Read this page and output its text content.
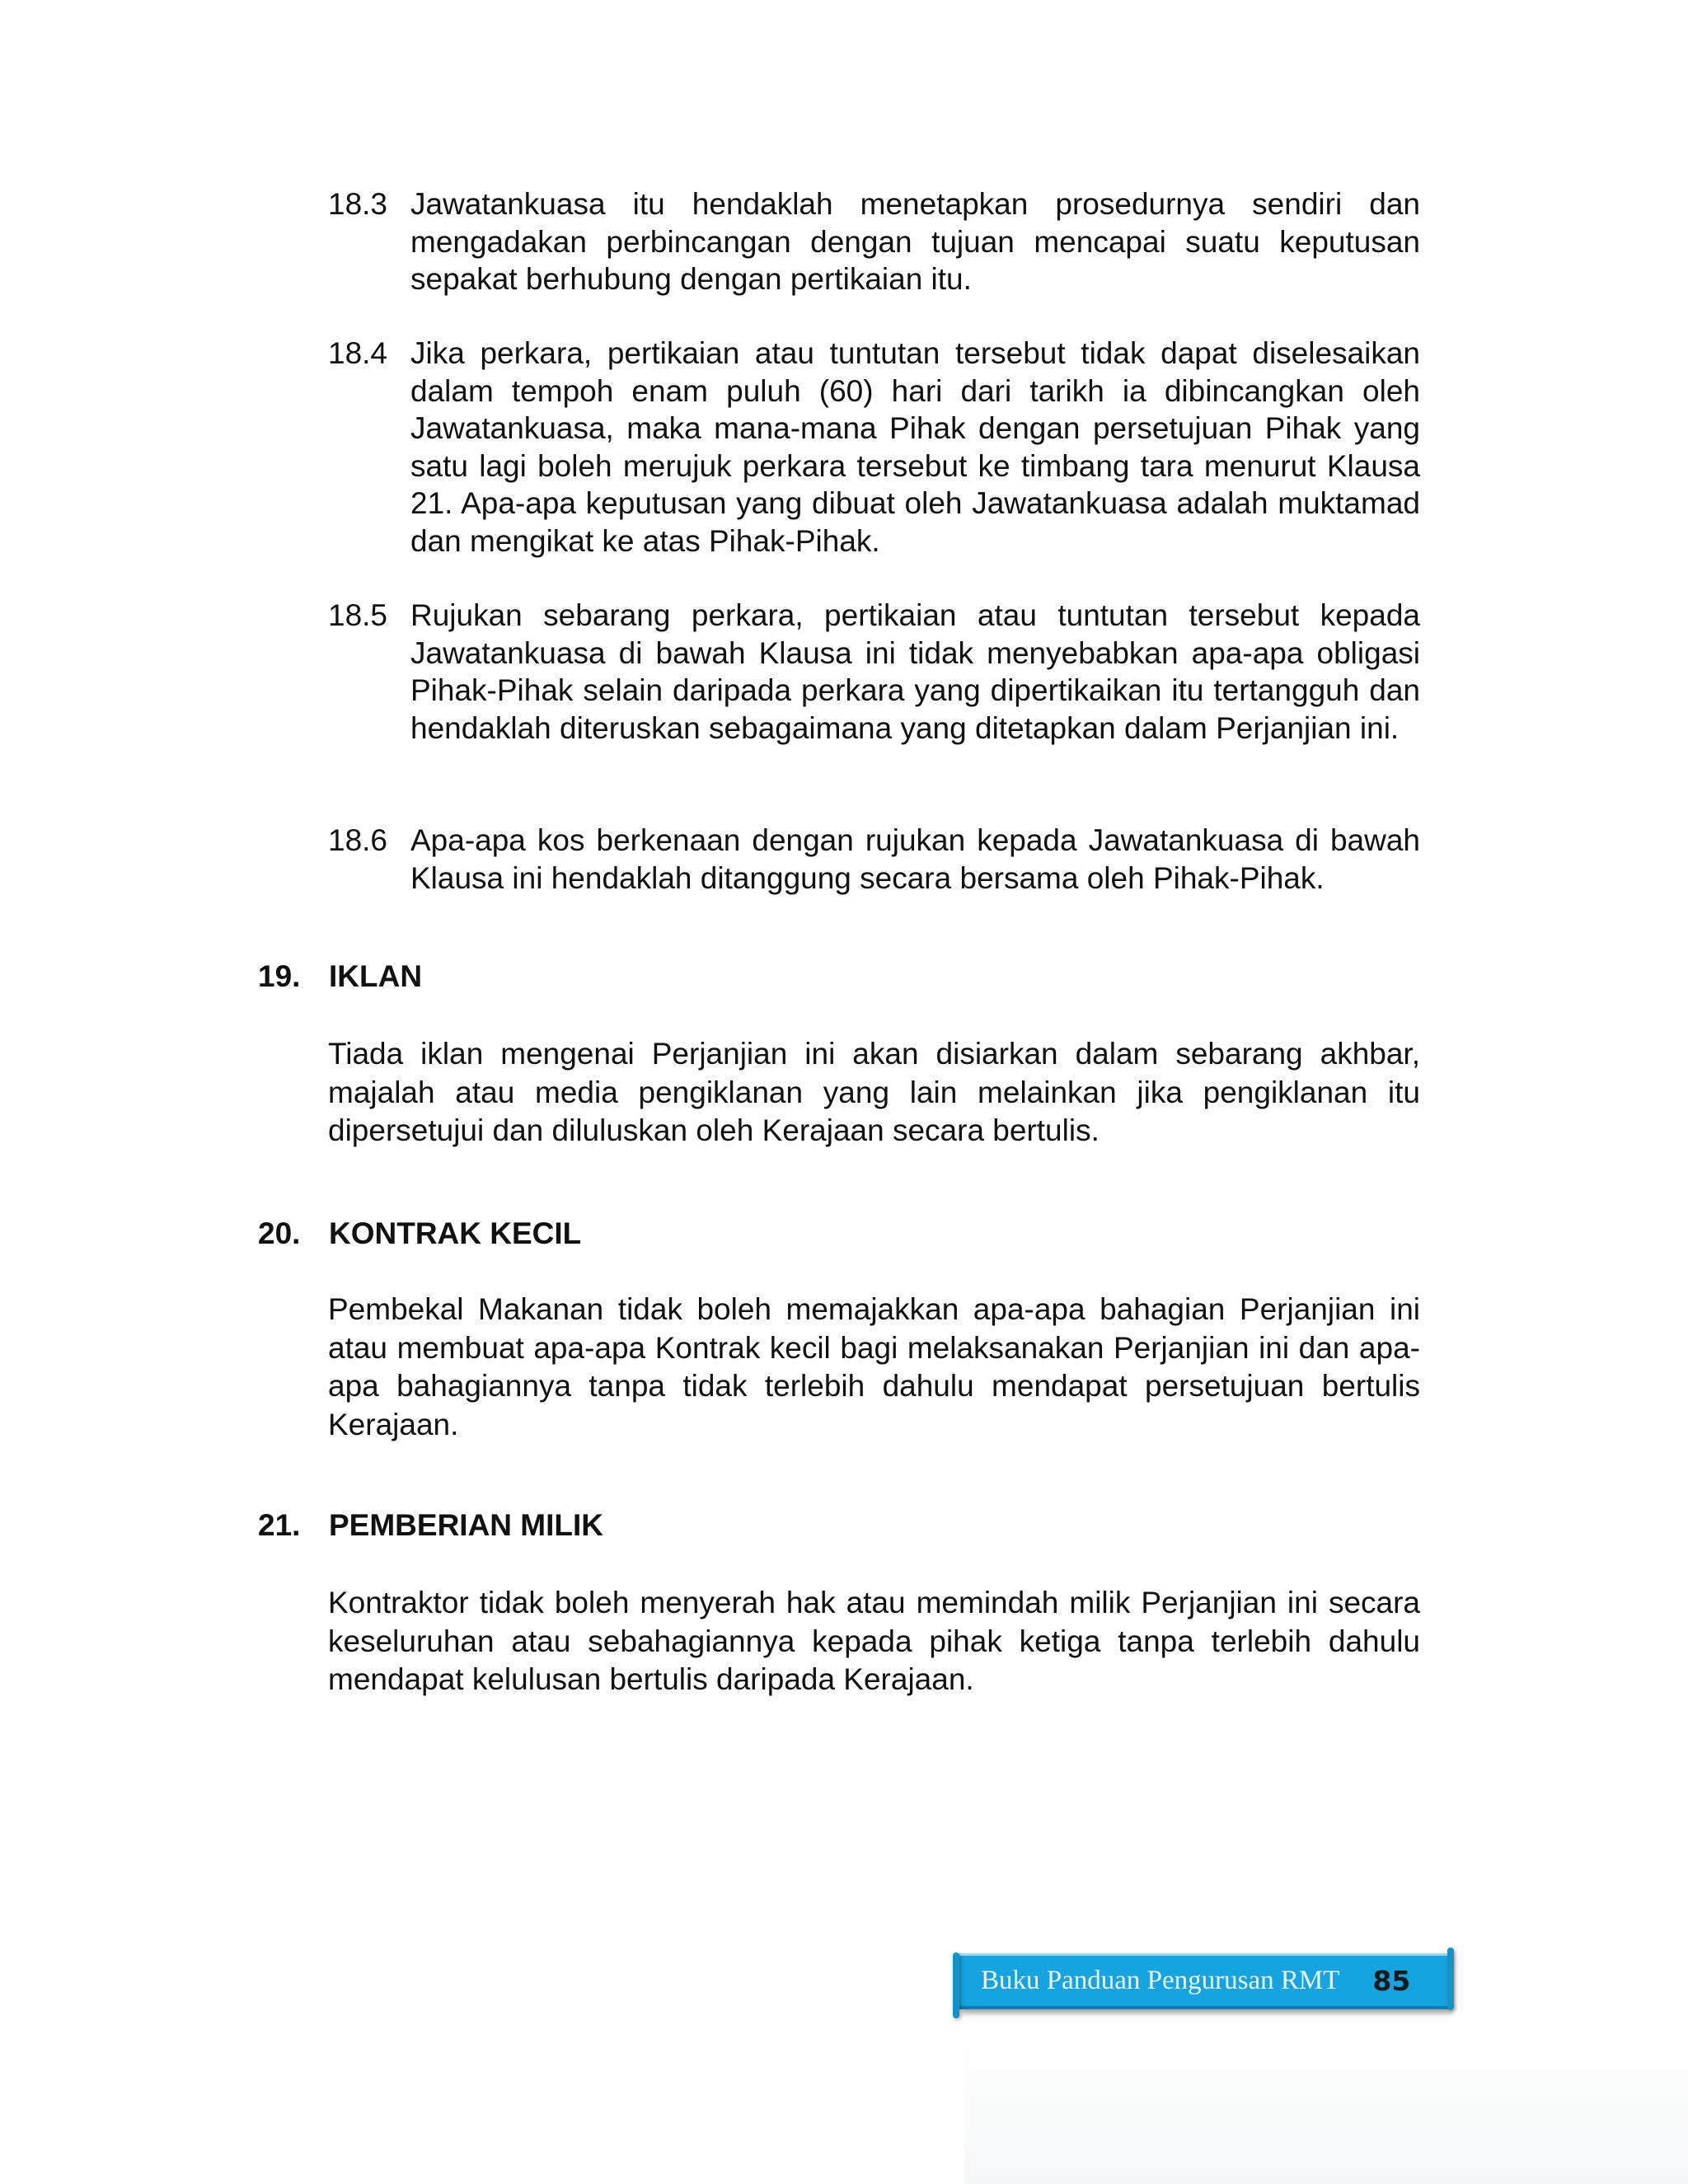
18.3 Jawatankuasa itu hendaklah menetapkan prosedurnya sendiri dan mengadakan perbincangan dengan tujuan mencapai suatu keputusan sepakat berhubung dengan pertikaian itu.
18.4 Jika perkara, pertikaian atau tuntutan tersebut tidak dapat diselesaikan dalam tempoh enam puluh (60) hari dari tarikh ia dibincangkan oleh Jawatankuasa, maka mana-mana Pihak dengan persetujuan Pihak yang satu lagi boleh merujuk perkara tersebut ke timbang tara menurut Klausa 21. Apa-apa keputusan yang dibuat oleh Jawatankuasa adalah muktamad dan mengikat ke atas Pihak-Pihak.
18.5 Rujukan sebarang perkara, pertikaian atau tuntutan tersebut kepada Jawatankuasa di bawah Klausa ini tidak menyebabkan apa-apa obligasi Pihak-Pihak selain daripada perkara yang dipertikaikan itu tertangguh dan hendaklah diteruskan sebagaimana yang ditetapkan dalam Perjanjian ini.
18.6 Apa-apa kos berkenaan dengan rujukan kepada Jawatankuasa di bawah Klausa ini hendaklah ditanggung secara bersama oleh Pihak-Pihak.
19. IKLAN
Tiada iklan mengenai Perjanjian ini akan disiarkan dalam sebarang akhbar, majalah atau media pengiklanan yang lain melainkan jika pengiklanan itu dipersetujui dan diluluskan oleh Kerajaan secara bertulis.
20. KONTRAK KECIL
Pembekal Makanan tidak boleh memajakkan apa-apa bahagian Perjanjian ini atau membuat apa-apa Kontrak kecil bagi melaksanakan Perjanjian ini dan apa-apa bahagiannya tanpa tidak terlebih dahulu mendapat persetujuan bertulis Kerajaan.
21. PEMBERIAN MILIK
Kontraktor tidak boleh menyerah hak atau memindah milik Perjanjian ini secara keseluruhan atau sebahagiannya kepada pihak ketiga tanpa terlebih dahulu mendapat kelulusan bertulis daripada Kerajaan.
Buku Panduan Pengurusan RMT 85
